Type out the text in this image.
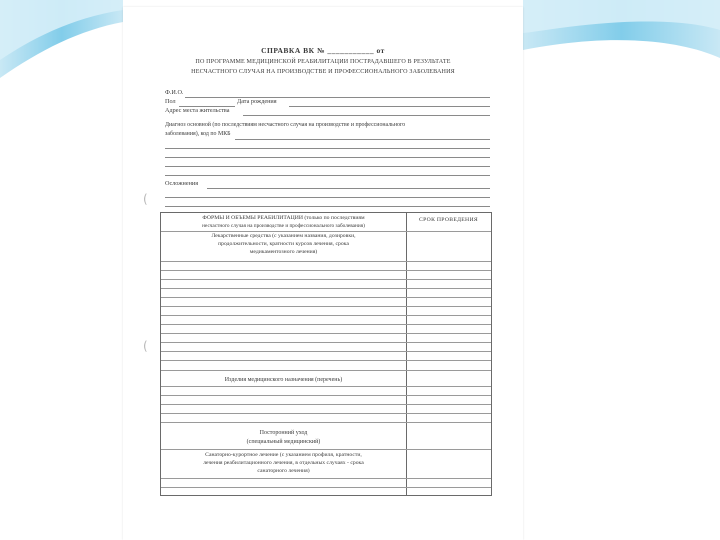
СПРАВКА ВК № ___________ от
ПО ПРОГРАММЕ МЕДИЦИНСКОЙ РЕАБИЛИТАЦИИ ПОСТРАДАВШЕГО В РЕЗУЛЬТАТЕ
НЕСЧАСТНОГО СЛУЧАЯ НА ПРОИЗВОДСТВЕ И ПРОФЕССИОНАЛЬНОГО ЗАБОЛЕВАНИЯ
Ф.И.О.
Пол	Дата рождения
Адрес места жительства
Диагноз основной (по последствиям несчастного случая на производстве и профессионального
заболевания), код по МКБ
Осложнения
ФОРМЫ И ОБЪЕМЫ РЕАБИЛИТАЦИИ (только по последствиям
несчастного случая на производстве и профессионального заболевания)
СРОК ПРОВЕДЕНИЯ
Лекарственные средства (с указанием названия, дозировки,
продолжительности, кратности курсов лечения, срока
медикаментозного лечения)
Изделия медицинского назначения (перечень)
Посторонний уход
(специальный медицинский)
Санаторно-курортное лечение (с указанием профиля, кратности,
лечения реабилитационного лечения, в отдельных случаях - срока
санаторного лечения)
(
(
